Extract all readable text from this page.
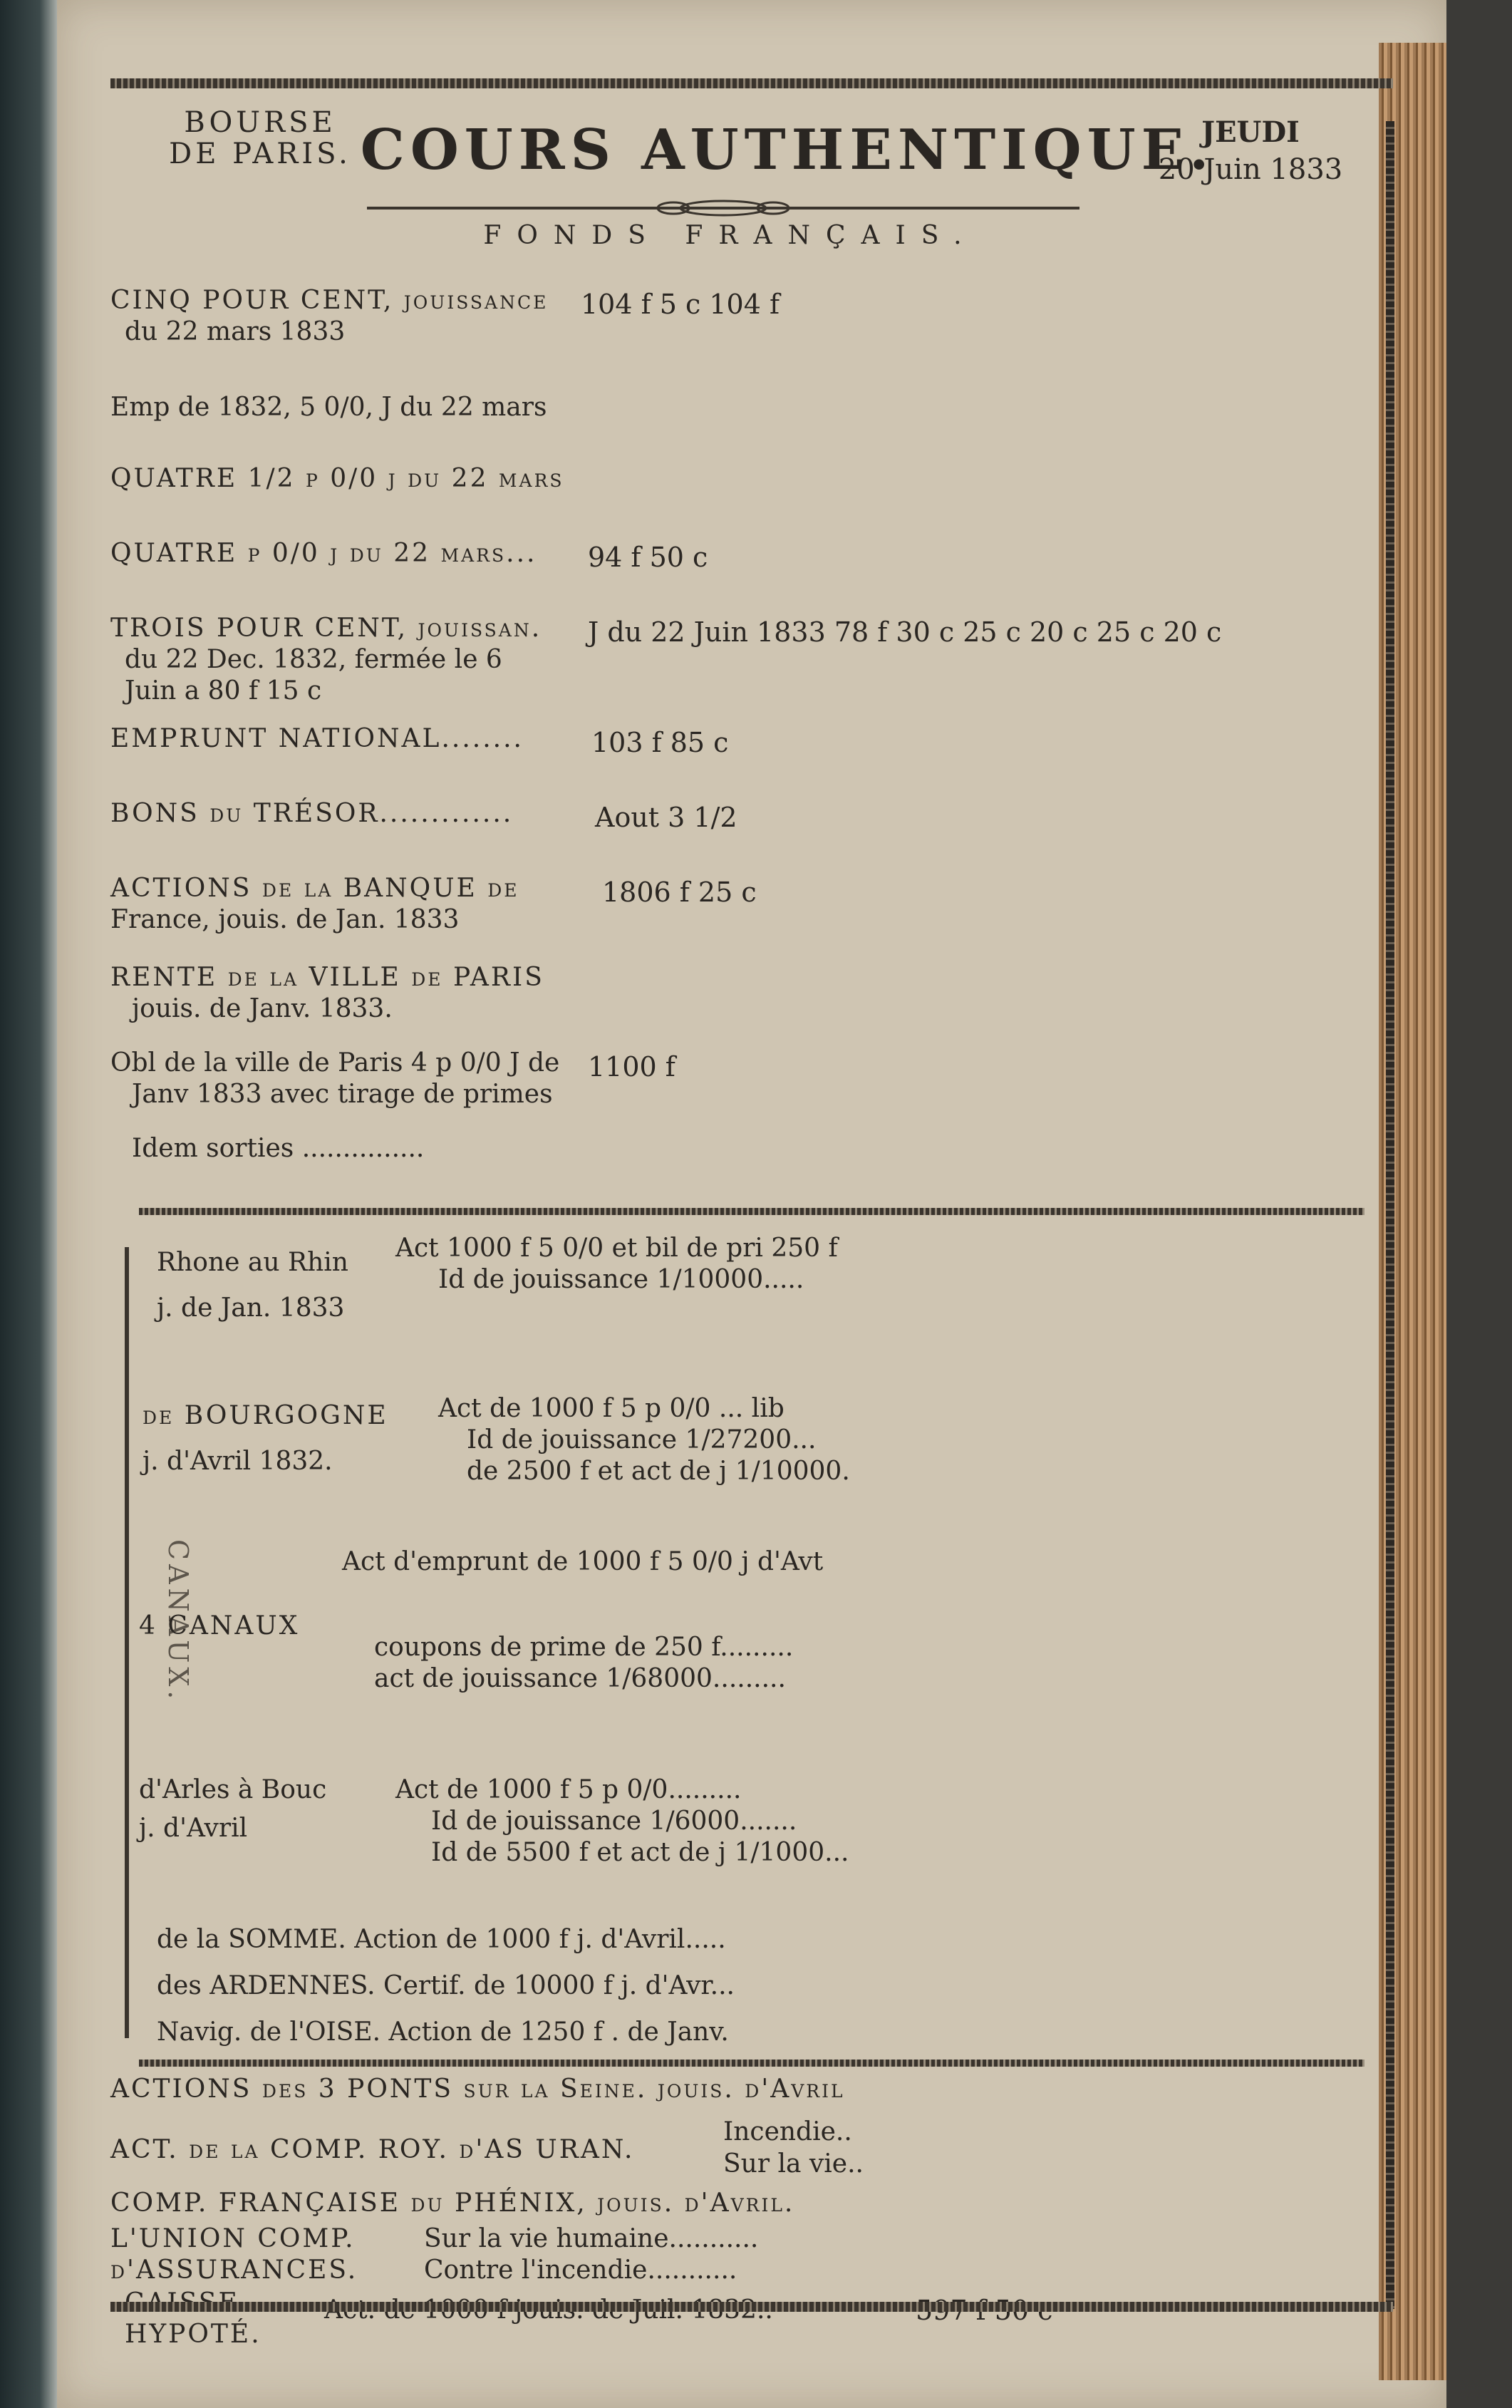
BOURSE
DE PARIS. COURS AUTHENTIQUE.
JEUDI
20 Juin 1833
FONDS FRANÇAIS.
CINQ POUR CENT, jouissance
du 22 mars 1833
104 f 5 c 104 f
Emp de 1832, 5 0/0, J du 22 mars
QUATRE 1/2 p 0/0 j du 22 mars
QUATRE p 0/0 j du 22 mars... 94 f 50 c
TROIS POUR CENT, jouissan.
du 22 Dec. 1832, fermée le 6
Juin a 80 f 15 c
J du 22 Juin 1833 78 f 30 c 25 c 20 c 25 c 20 c
EMPRUNT NATIONAL........	103 f 85 c
BONS du TRÉSOR.............	Aout 3 1/2
ACTIONS de la BANQUE de
France, jouis. de Jan. 1833
1806 f 25 c
RENTE de la VILLE de PARIS
jouis. de Janv. 1833.
Obl de la ville de Paris 4 p 0/0 J de
Janv 1833 avec tirage de primes
1100 f
Idem sorties ...............
CANAUX.
Rhone au Rhin
j. de Jan. 1833
Act 1000 f 5 0/0 et bil de pri 250 f
Id de jouissance 1/10000.....
de BOURGOGNE
j. d'Avril 1832.
Act de 1000 f 5 p 0/0 ... lib
Id de jouissance 1/27200...
de 2500 f et act de j 1/10000.
Act d'emprunt de 1000 f 5 0/0 j d'Avt
4 CANAUX
coupons de prime de 250 f.........
act de jouissance 1/68000.........
d'Arles à Bouc
j. d'Avril
Act de 1000 f 5 p 0/0.........
Id de jouissance 1/6000.......
Id de 5500 f et act de j 1/1000...
de la SOMME. Action de 1000 f j. d'Avril.....
des ARDENNES. Certif. de 10000 f j. d'Avr...
Navig. de l'OISE. Action de 1250 f . de Janv.
ACTIONS des 3 PONTS sur la Seine. jouis. d'Avril
ACT. de la COMP. ROY. d'AS URAN.
Incendie..
Sur la vie..
COMP. FRANÇAISE du PHÉNIX, jouis. d'Avril.
L'UNION COMP.
d'ASSURANCES.
Sur la vie humaine...........
Contre l'incendie...........
HYPOTÉ.
